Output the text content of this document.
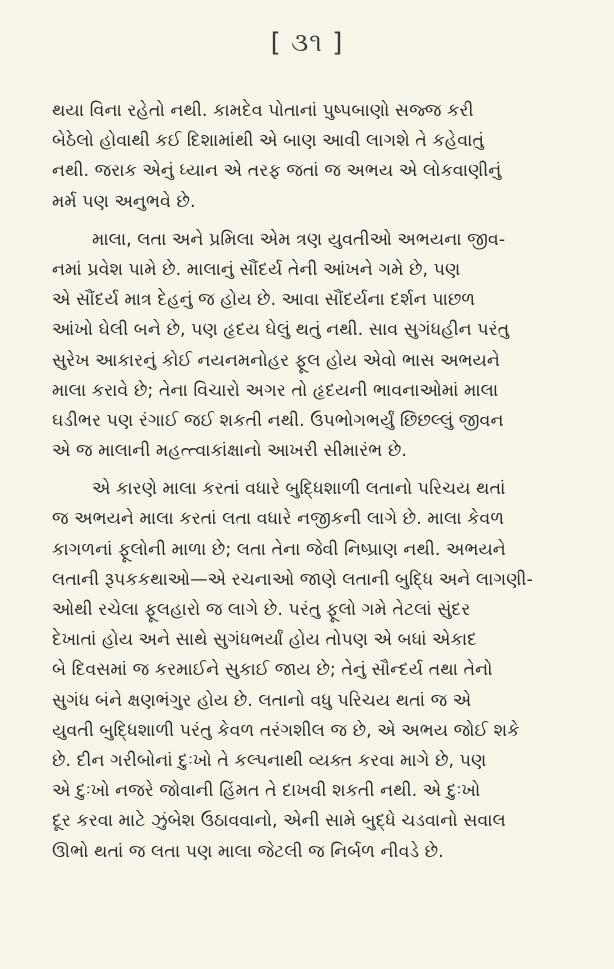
[ ૩૧ ]
થયા વિના રહેતો નથી. કામદેવ પોતાનાં પુષ્પબાણો સજ્જ કરી
બેઠેલો હોવાથી કઈ દિશામાંથી એ બાણ આવી લાગશે તે કહેવાતું
નથી. જરાક એનું ધ્યાન એ તરફ જતાં જ અભય એ લોકવાણીનું
મર્મ પણ અનુભવે છે.
માલા, લતા અને પ્રમિલા એમ ત્રણ યુવતીઓ અભયના જીવ-
નમાં પ્રવેશ પામે છે. માલાનું સૌંદર્ય તેની આંખને ગમે છે, પણ
એ સૌંદર્ય માત્ર દેહનું જ હોય છે. આવા સૌંદર્યના દર્શન પાછળ
આંખો ઘેલી બને છે, પણ હૃદય ઘેલું થતું નથી. સાવ સુગંધહીન પરંતુ
સુરેખ આકારનું કોઈ નયનમનોહર ફૂલ હોય એવો ભાસ અભયને
માલા કરાવે છે; તેના વિચારો અગર તો હૃદયની ભાવનાઓમાં માલા
ઘડીભર પણ રંગાઈ જઈ શકતી નથી. ઉપભોગભર્યું છિછલ્લું જીવન
એ જ માલાની મહત્ત્વાકાંક્ષાનો આખરી સીમારંભ છે.
એ કારણે માલા કરતાં વધારે બુદ્ધિશાળી લતાનો પરિચય થતાં
જ અભયને માલા કરતાં લતા વધારે નજીકની લાગે છે. માલા કેવળ
કાગળનાં ફૂલોની માળા છે; લતા તેના જેવી નિષ્પ્રાણ નથી. અભયને
લતાની રૂપકકથાઓ—એ રચનાઓ જાણે લતાની બુદ્ધિ અને લાગણી-
ઓથી રચેલા ફૂલહારો જ લાગે છે. પરંતુ ફૂલો ગમે તેટલાં સુંદર
દેખાતાં હોય અને સાથે સુગંધભર્યાં હોય તોપણ એ બધાં એકાદ
બે દિવસમાં જ કરમાઈને સુકાઈ જાય છે; તેનું સૌન્દર્ય તથા તેનો
સુગંધ બંને ક્ષણભંગુર હોય છે. લતાનો વધુ પરિચય થતાં જ એ
યુવતી બુદ્ધિશાળી પરંતુ કેવળ તરંગશીલ જ છે, એ અભય જોઈ શકે
છે. દીન ગરીબોનાં દુઃખો તે કલ્પનાથી વ્યક્ત કરવા માગે છે, પણ
એ દુઃખો નજરે જોવાની હિંમત તે દાખવી શકતી નથી. એ દુઃખો
દૂર કરવા માટે ઝુંબેશ ઉઠાવવાનો, એની સામે બુદ્ધે ચડવાનો સવાલ
ઊભો થતાં જ લતા પણ માલા જેટલી જ નિર્બળ નીવડે છે.
